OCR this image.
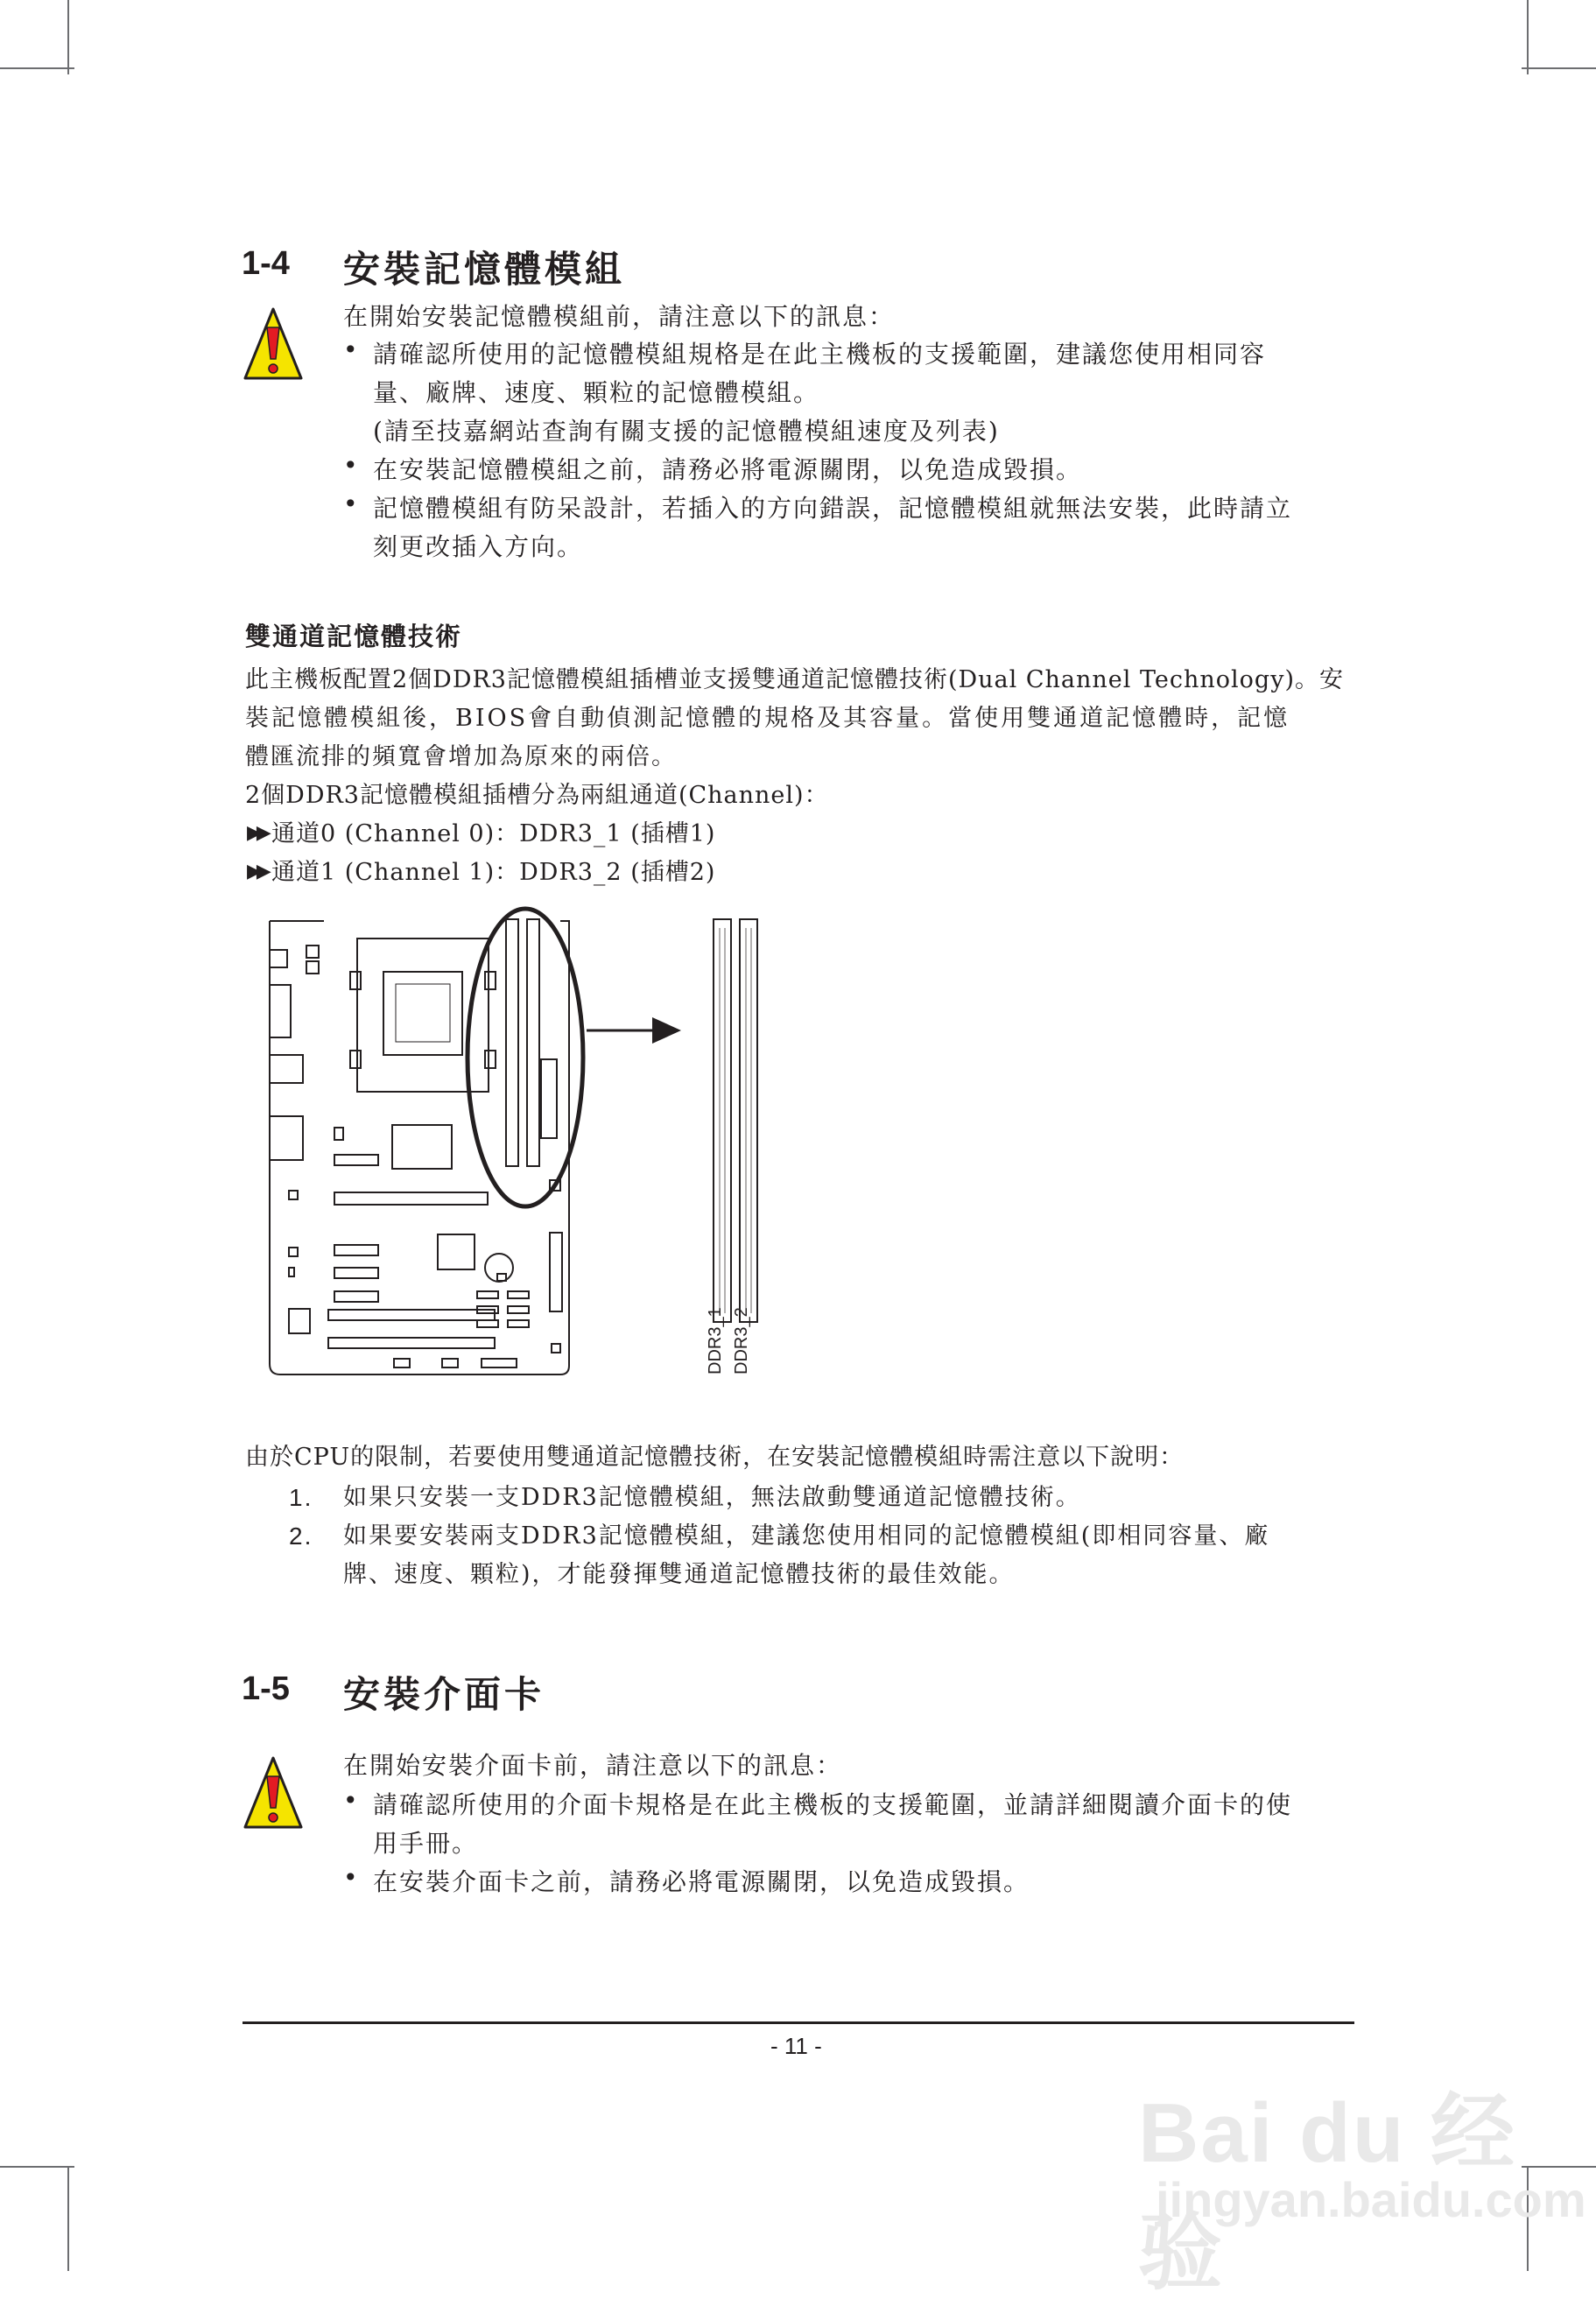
1-4 安裝記憶體模組
在開始安裝記憶體模組前，請注意以下的訊息：
• 請確認所使用的記憶體模組規格是在此主機板的支援範圍，建議您使用相同容
量、廠牌、速度、顆粒的記憶體模組。
(請至技嘉網站查詢有關支援的記憶體模組速度及列表)
• 在安裝記憶體模組之前，請務必將電源關閉，以免造成毀損。
• 記憶體模組有防呆設計，若插入的方向錯誤，記憶體模組就無法安裝，此時請立
刻更改插入方向。
雙通道記憶體技術
此主機板配置2個DDR3記憶體模組插槽並支援雙通道記憶體技術(Dual Channel Technology)。安
裝記憶體模組後，BIOS會自動偵測記憶體的規格及其容量。當使用雙通道記憶體時，記憶
體匯流排的頻寬會增加為原來的兩倍。
2個DDR3記憶體模組插槽分為兩組通道(Channel)：
▶▶ 通道0 (Channel 0)：DDR3_1 (插槽1)
▶▶ 通道1 (Channel 1)：DDR3_2 (插槽2)
DDR3_1 DDR3_2
由於CPU的限制，若要使用雙通道記憶體技術，在安裝記憶體模組時需注意以下說明：
1. 如果只安裝一支DDR3記憶體模組，無法啟動雙通道記憶體技術。
2. 如果要安裝兩支DDR3記憶體模組，建議您使用相同的記憶體模組(即相同容量、廠
牌、速度、顆粒)，才能發揮雙通道記憶體技術的最佳效能。
1-5 安裝介面卡
在開始安裝介面卡前，請注意以下的訊息：
• 請確認所使用的介面卡規格是在此主機板的支援範圍，並請詳細閱讀介面卡的使
用手冊。
• 在安裝介面卡之前，請務必將電源關閉，以免造成毀損。
- 11 -
Bai du 经验
jingyan.baidu.com
